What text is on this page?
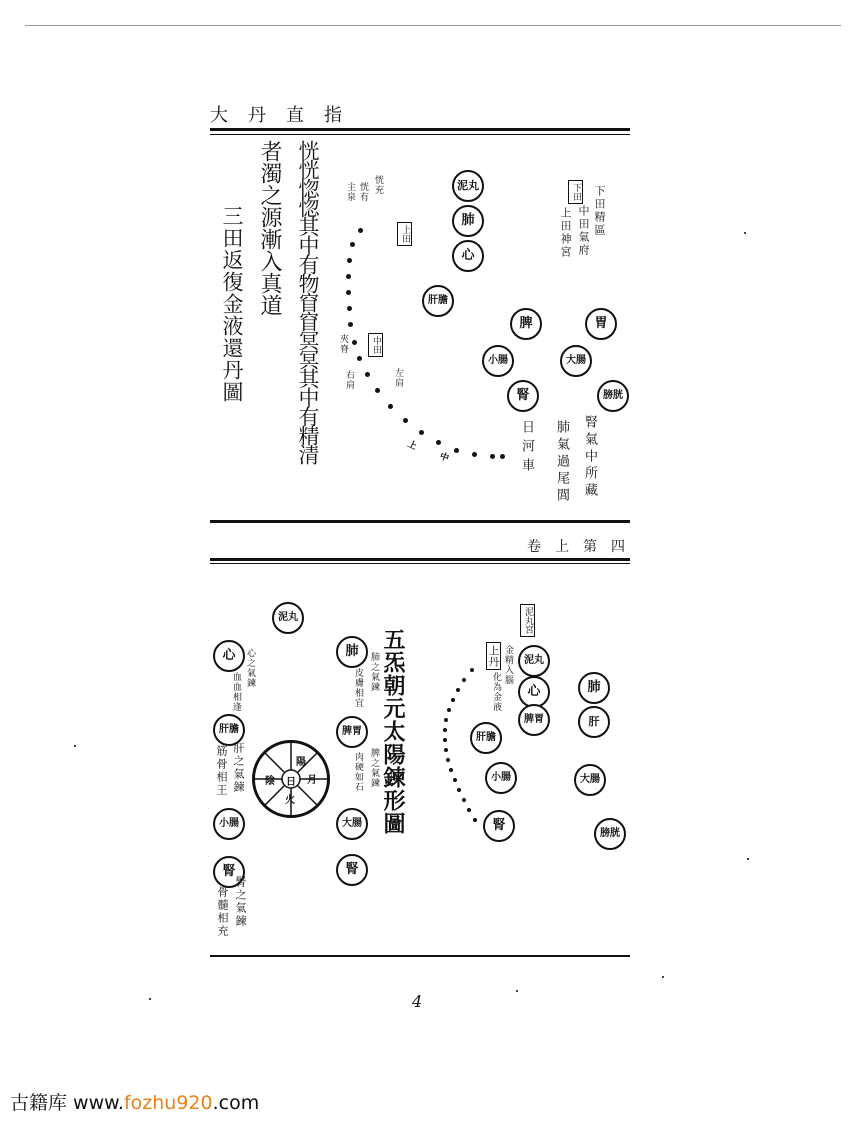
大丹直指
三田返復金液還丹圖 者濁之源漸入真道 恍恍惚惚其中有物窅窅冥冥其中有精清	恍充
恍有
主泉
上田
中田
下田 下田精區
中田氣府
上田神宮
腎氣中所藏
肺氣過尾閭
日河車
左肩
夾脊
右肩
泥丸
肺
心
肝膽
脾	胃
小腸	大腸
腎	膀胱
上
中
卷上第四
五炁朝元太陽鍊形圖
泥丸
心
肝膽
小腸
腎
心之氣鍊
血血相逢
肝之氣鍊
筋骨相王
腎之氣鍊
骨髓相充
陽
陰 日 月
火
肺
肺之氣鍊
皮膚相宜
脾胃
脾之氣鍊
肉硬如石
大腸
腎
泥丸宮
上丹 金精入腦
化為金液
泥丸
心
脾胃
肝膽
小腸
腎
肺
肝
大腸
膀胱
4
古籍库 www.fozhu920.com
